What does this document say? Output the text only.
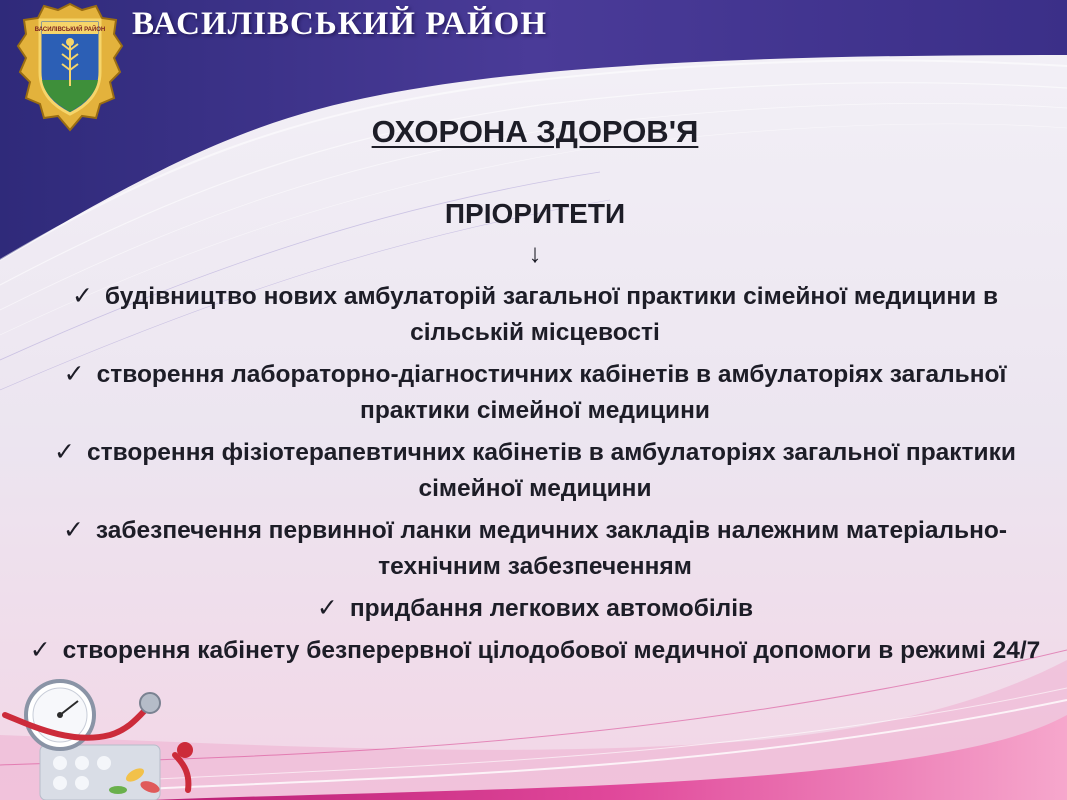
ВАСИЛІВСЬКИЙ РАЙОН ВАСИЛІВСЬКИЙ РАЙОН
ОХОРОНА ЗДОРОВ'Я
ПРІОРИТЕТИ
↓
✓ будівництво нових амбулаторій загальної практики сімейної медицини в сільській місцевості
✓ створення лабораторно-діагностичних кабінетів в амбулаторіях загальної практики сімейної медицини
✓ створення фізіотерапевтичних кабінетів в амбулаторіях загальної практики сімейної медицини
✓ забезпечення первинної ланки медичних закладів належним матеріально-технічним забезпеченням
✓ придбання легкових автомобілів
✓ створення кабінету безперервної цілодобової медичної допомоги в режимі 24/7
